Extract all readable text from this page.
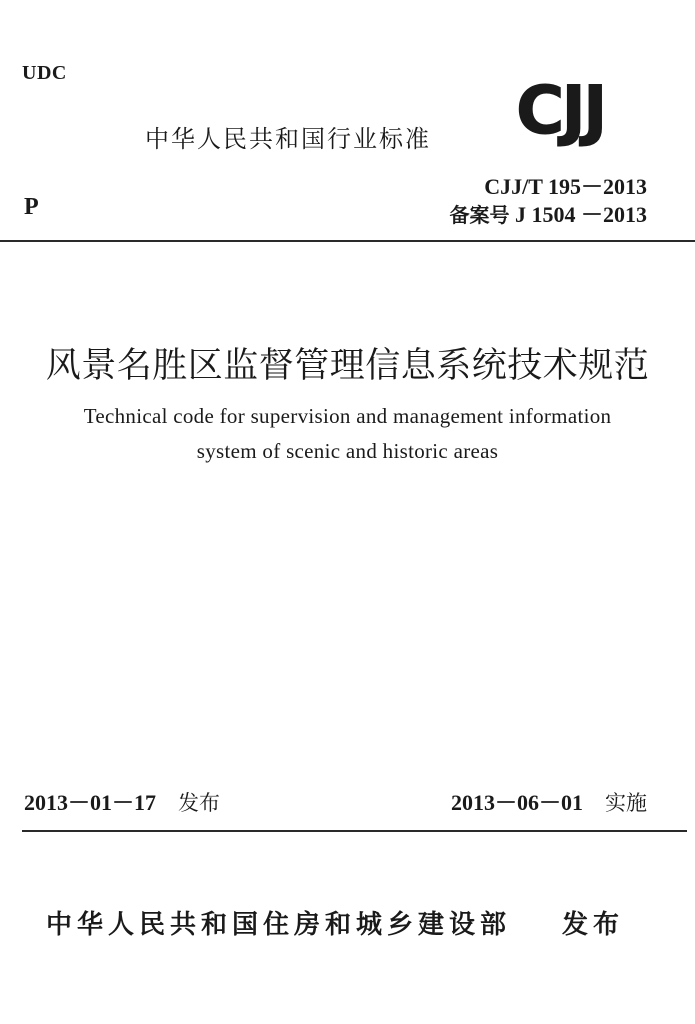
UDC
中华人民共和国行业标准 CJJ
CJJ/T 195－2013
备案号 J 1504 －2013
P
风景名胜区监督管理信息系统技术规范
Technical code for supervision and management information
system of scenic and historic areas
2013－01－17 发布	2013－06－01 实施
中华人民共和国住房和城乡建设部 发布
